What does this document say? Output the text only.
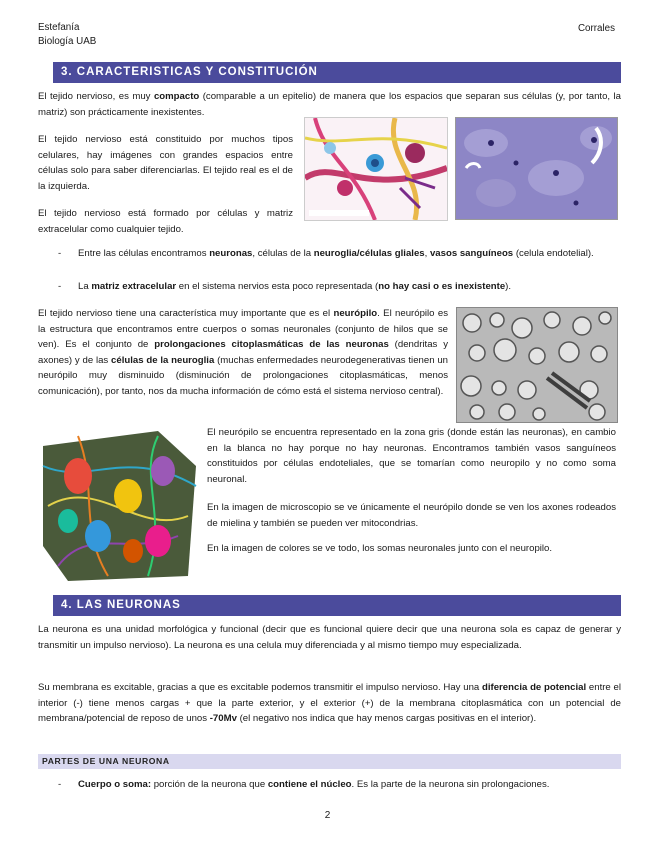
Estefanía
Biología UAB
Corrales
3. CARACTERISTICAS Y CONSTITUCIÓN

El tejido nervioso, es muy compacto (comparable a un epitelio) de manera que los espacios que separan sus células (y, por tanto, la matriz) son prácticamente inexistentes.

El tejido nervioso está constituido por muchos tipos celulares, hay imágenes con grandes espacios entre células solo para saber diferenciarlas. El tejido real es el de la izquierda.

El tejido nervioso está formado por células y matriz extracelular como cualquier tejido.

- Entre las células encontramos neuronas, células de la neuroglia/células gliales, vasos sanguíneos (celula endotelial).

- La matriz extracelular en el sistema nervios esta poco representada (no hay casi o es inexistente).

El tejido nervioso tiene una característica muy importante que es el neurópilo. El neurópilo es la estructura que encontramos entre cuerpos o somas neuronales (conjunto de hilos que se ven). Es el conjunto de prolongaciones citoplasmáticas de las neuronas (dendritas y axones) y de las células de la neuroglia (muchas enfermedades neurodegenerativas tienen un neurópilo muy disminuido (disminución de prolongaciones citoplasmáticas, menos comunicación), por tanto, nos da mucha información de cómo está el sistema nervioso central).

El neurópilo se encuentra representado en la zona gris (donde están las neuronas), en cambio en la blanca no hay porque no hay neuronas. Encontramos también vasos sanguíneos constituidos por células endoteliales, que se tomarían como neuropilo y no como soma neuronal.

En la imagen de microscopio se ve únicamente el neurópilo donde se ven los axones rodeados de mielina y también se pueden ver mitocondrias.

En la imagen de colores se ve todo, los somas neuronales junto con el neuropilo.

4. LAS NEURONAS

La neurona es una unidad morfológica y funcional (decir que es funcional quiere decir que una neurona sola es capaz de generar y transmitir un impulso nervioso). La neurona es una celula muy diferenciada y al mismo tiempo muy especializada.

Su membrana es excitable, gracias a que es excitable podemos transmitir el impulso nervioso. Hay una diferencia de potencial entre el interior (-) tiene menos cargas + que la parte exterior, y el exterior (+) de la membrana citoplasmática con un potencial de membrana/potencial de reposo de unos -70Mv (el negativo nos indica que hay menos cargas positivas en el interior).

PARTES DE UNA NEURONA
- Cuerpo o soma: porción de la neurona que contiene el núcleo. Es la parte de la neurona sin prolongaciones.

2
